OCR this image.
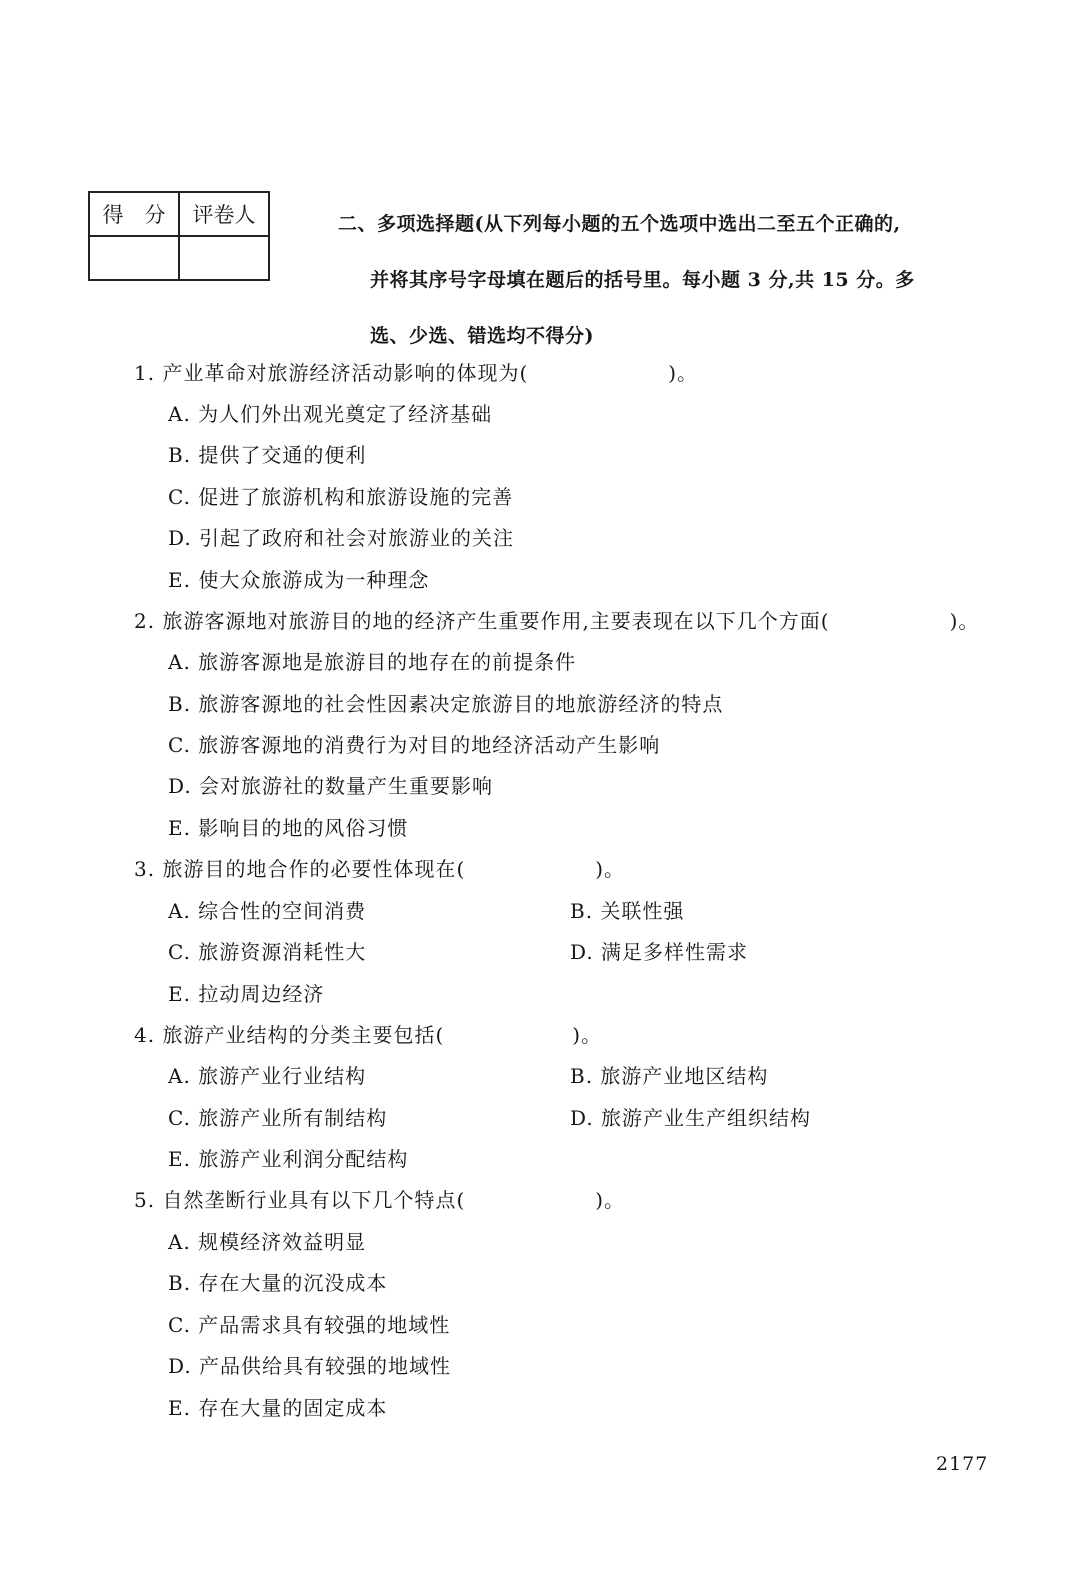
得　分	评卷人
		二、多项选择题(从下列每小题的五个选项中选出二至五个正确的,
并将其序号字母填在题后的括号里。每小题 3 分,共 15 分。多
选、少选、错选均不得分)
1. 产业革命对旅游经济活动影响的体现为(	)。
A. 为人们外出观光奠定了经济基础
B. 提供了交通的便利
C. 促进了旅游机构和旅游设施的完善
D. 引起了政府和社会对旅游业的关注
E. 使大众旅游成为一种理念
2. 旅游客源地对旅游目的地的经济产生重要作用,主要表现在以下几个方面(	)。
A. 旅游客源地是旅游目的地存在的前提条件
B. 旅游客源地的社会性因素决定旅游目的地旅游经济的特点
C. 旅游客源地的消费行为对目的地经济活动产生影响
D. 会对旅游社的数量产生重要影响
E. 影响目的地的风俗习惯
3. 旅游目的地合作的必要性体现在(	)。
A. 综合性的空间消费	B. 关联性强
C. 旅游资源消耗性大	D. 满足多样性需求
E. 拉动周边经济
4. 旅游产业结构的分类主要包括(	)。
A. 旅游产业行业结构	B. 旅游产业地区结构
C. 旅游产业所有制结构	D. 旅游产业生产组织结构
E. 旅游产业利润分配结构
5. 自然垄断行业具有以下几个特点(	)。
A. 规模经济效益明显
B. 存在大量的沉没成本
C. 产品需求具有较强的地域性
D. 产品供给具有较强的地域性
E. 存在大量的固定成本
2177
